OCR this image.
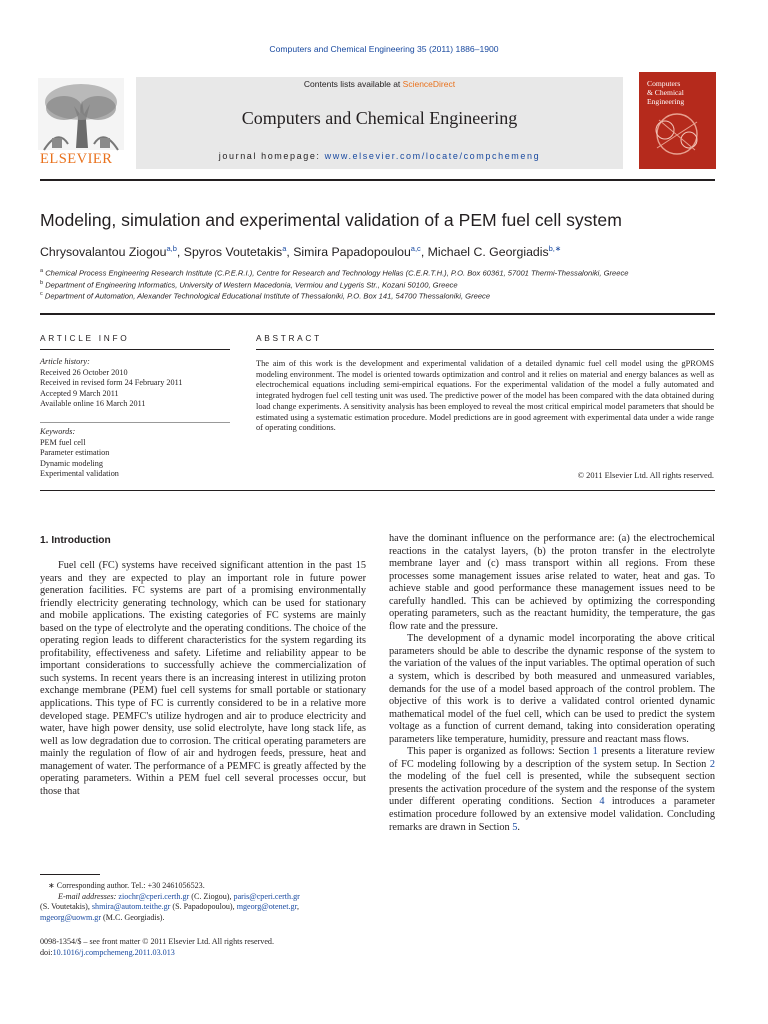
Computers and Chemical Engineering 35 (2011) 1886–1900
ELSEVIER
Contents lists available at ScienceDirect
Computers and Chemical Engineering
journal homepage: www.elsevier.com/locate/compchemeng
Computers
& Chemical
Engineering
Modeling, simulation and experimental validation of a PEM fuel cell system
Chrysovalantou Ziogou$^{a,b}$, Spyros Voutetakis$^a$, Simira Papadopoulou$^{a,c}$, Michael C. Georgiadis$^{b,∗}$
$^a$ Chemical Process Engineering Research Institute (C.P.E.R.I.), Centre for Research and Technology Hellas (C.E.R.T.H.), P.O. Box 60361, 57001 Thermi-Thessaloniki, Greece
$^b$ Department of Engineering Informatics, University of Western Macedonia, Vermiou and Lygeris Str., Kozani 50100, Greece
$^c$ Department of Automation, Alexander Technological Educational Institute of Thessaloniki, P.O. Box 141, 54700 Thessaloniki, Greece
ARTICLE INFO
Article history:
Received 26 October 2010
Received in revised form 24 February 2011
Accepted 9 March 2011
Available online 16 March 2011
Keywords:
PEM fuel cell
Parameter estimation
Dynamic modeling
Experimental validation
ABSTRACT
The aim of this work is the development and experimental validation of a detailed dynamic fuel cell model using the gPROMS modeling environment. The model is oriented towards optimization and control and it relies on material and energy balances as well as electrochemical equations including semi-empirical equations. For the experimental validation of the model a fully automated and integrated hydrogen fuel cell testing unit was used. The predictive power of the model has been compared with the data obtained during load change experiments. A sensitivity analysis has been employed to reveal the most critical empirical model parameters that should be estimated using a systematic estimation procedure. Model predictions are in good agreement with experimental data under a wide range of operating conditions.
© 2011 Elsevier Ltd. All rights reserved.
1. Introduction

Fuel cell (FC) systems have received significant attention in the past 15 years and they are expected to play an important role in future power generation facilities. FC systems are part of a promising environmentally friendly electricity generating technology, which can be used for stationary and mobile applications. The existing categories of FC systems are mainly based on the type of electrolyte and the operating conditions. The choice of the operating region leads to different characteristics for the system regarding its profitability, effectiveness and safety. Lifetime and reliability appear to be important considerations to successfully achieve the commercialization of such systems. In recent years there is an increasing interest in utilizing proton exchange membrane (PEM) fuel cell systems for small portable or stationary applications. This type of FC is currently considered to be in a relative more developed stage. PEMFC's utilize hydrogen and air to produce electricity and water, have high power density, use solid electrolyte, have long stack life, as well as low degradation due to corrosion. The critical operating parameters are mainly the regulation of flow of air and hydrogen feeds, pressure, heat and management of water. The performance of a PEMFC is greatly affected by the operating parameters. Within a PEM fuel cell several processes occur, but those that

have the dominant influence on the performance are: (a) the electrochemical reactions in the catalyst layers, (b) the proton transfer in the electrolyte membrane layer and (c) mass transport within all regions. From these processes some management issues arise related to water, heat and gas. To achieve stable and good performance these management issues need to be carefully handled. This can be achieved by optimizing the corresponding operating parameters, such as the reactant humidity, the temperature, the gas flow rate and the pressure.

The development of a dynamic model incorporating the above critical parameters should be able to describe the dynamic response of the system to the variation of the values of the input variables. The optimal operation of such a system, which is described by both measured and unmeasured variables, demands for the use of a model based approach of the control problem. The objective of this work is to derive a validated control oriented dynamic mathematical model of the fuel cell, which can be used to predict the system voltage as a function of current demand, taking into consideration operating parameters like temperature, humidity, pressure and reactant mass flows.

This paper is organized as follows: Section 1 presents a literature review of FC modeling following by a description of the system setup. In Section 2 the modeling of the fuel cell is presented, while the subsequent section presents the activation procedure of the system and the response of the system under different operating conditions. Section 4 introduces a parameter estimation procedure followed by an extensive model validation. Concluding remarks are drawn in Section 5.

∗ Corresponding author. Tel.: +30 2461056523.
E-mail addresses: ziochr@cperi.certh.gr (C. Ziogou), paris@cperi.certh.gr
(S. Voutetakis), shmira@autom.teithe.gr (S. Papadopoulou), mgeorg@otenet.gr,
mgeorg@uowm.gr (M.C. Georgiadis).
0098-1354/$ – see front matter © 2011 Elsevier Ltd. All rights reserved.
doi:10.1016/j.compchemeng.2011.03.013
